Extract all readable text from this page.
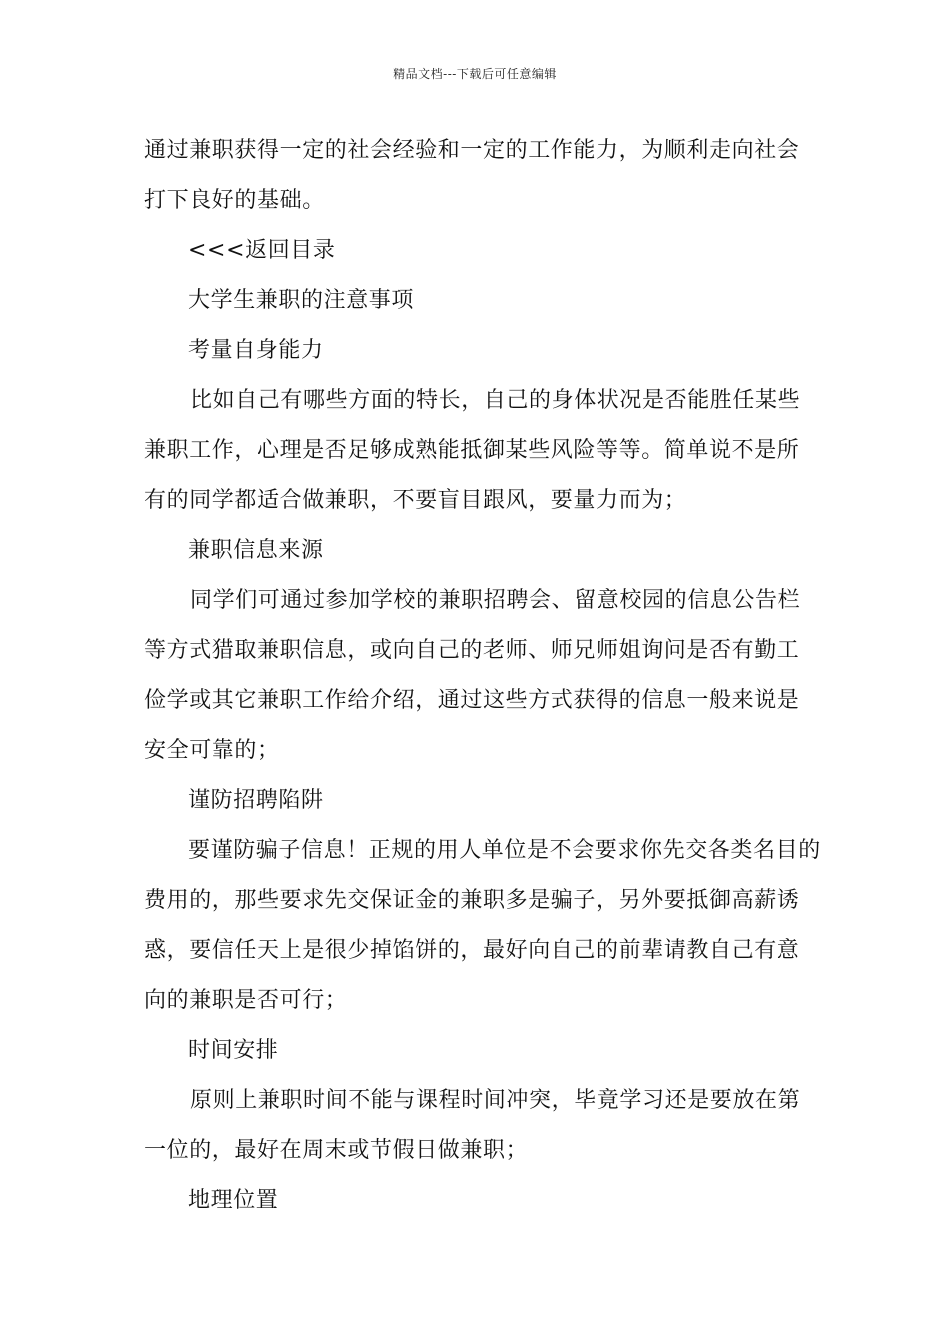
精品文档---下载后可任意编辑
通过兼职获得一定的社会经验和一定的工作能力，为顺利走向社会
打下良好的基础。
<<<返回目录
大学生兼职的注意事项
考量自身能力
比如自己有哪些方面的特长，自己的身体状况是否能胜任某些
兼职工作，心理是否足够成熟能抵御某些风险等等。简单说不是所
有的同学都适合做兼职，不要盲目跟风，要量力而为；
兼职信息来源
同学们可通过参加学校的兼职招聘会、留意校园的信息公告栏
等方式猎取兼职信息，或向自己的老师、师兄师姐询问是否有勤工
俭学或其它兼职工作给介绍，通过这些方式获得的信息一般来说是
安全可靠的；
谨防招聘陷阱
要谨防骗子信息！正规的用人单位是不会要求你先交各类名目的
费用的，那些要求先交保证金的兼职多是骗子，另外要抵御高薪诱
惑，要信任天上是很少掉馅饼的，最好向自己的前辈请教自己有意
向的兼职是否可行；
时间安排
原则上兼职时间不能与课程时间冲突，毕竟学习还是要放在第
一位的，最好在周末或节假日做兼职；
地理位置
